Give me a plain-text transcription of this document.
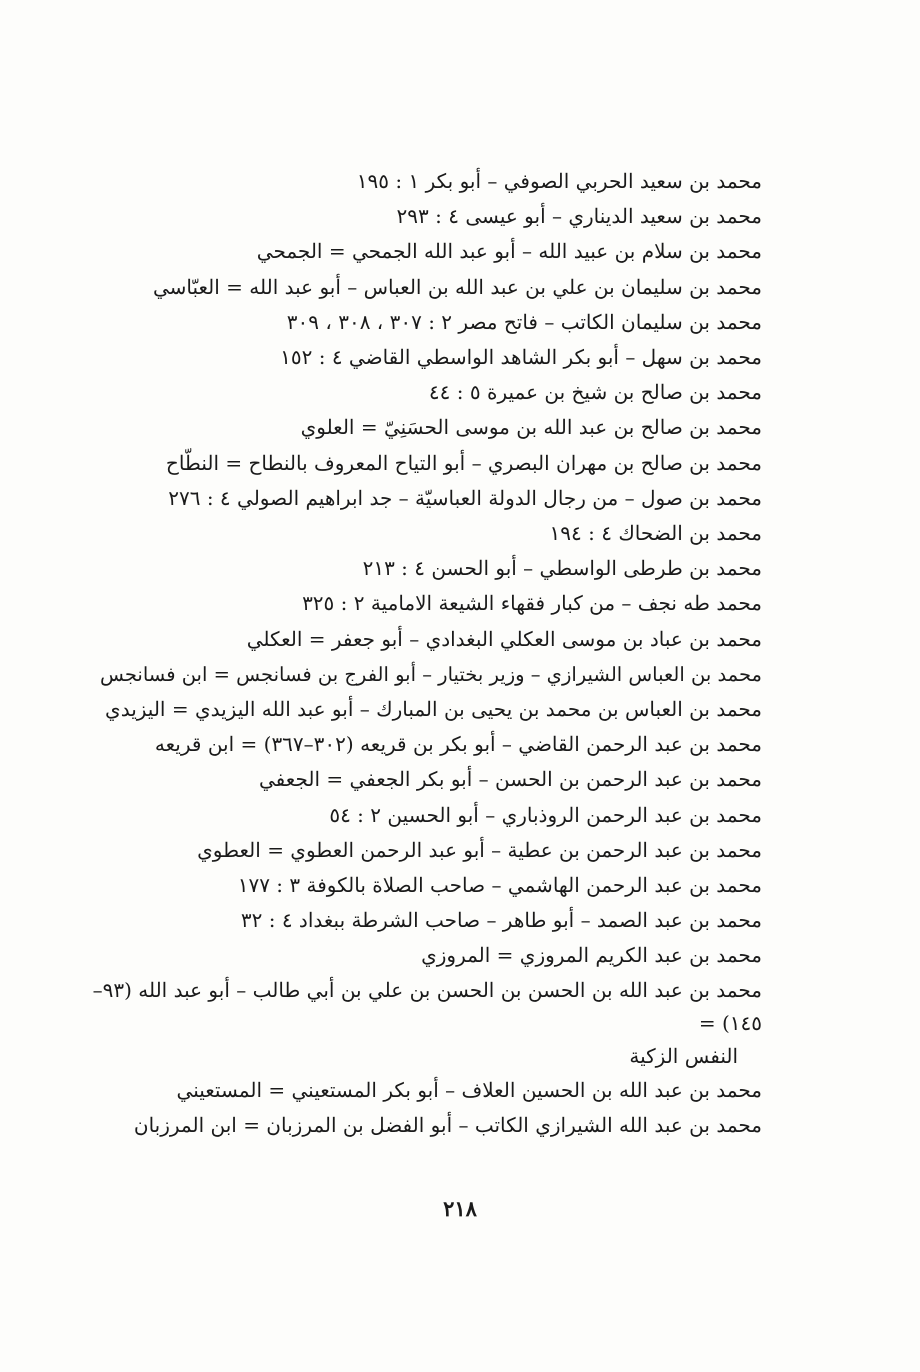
محمد بن سعيد الحربي الصوفي – أبو بكر ١ : ١٩٥
محمد بن سعيد الديناري – أبو عيسى ٤ : ٢٩٣
محمد بن سلام بن عبيد الله – أبو عبد الله الجمحي = الجمحي
محمد بن سليمان بن علي بن عبد الله بن العباس – أبو عبد الله = العبّاسي
محمد بن سليمان الكاتب – فاتح مصر ٢ : ٣٠٧ ، ٣٠٨ ، ٣٠٩
محمد بن سهل – أبو بكر الشاهد الواسطي القاضي ٤ : ١٥٢
محمد بن صالح بن شيخ بن عميرة ٥ : ٤٤
محمد بن صالح بن عبد الله بن موسى الحسَنِيّ = العلوي
محمد بن صالح بن مهران البصري – أبو التياح المعروف بالنطاح = النطّاح
محمد بن صول – من رجال الدولة العباسيّة – جد ابراهيم الصولي ٤ : ٢٧٦
محمد بن الضحاك ٤ : ١٩٤
محمد بن طرطى الواسطي – أبو الحسن ٤ : ٢١٣
محمد طه نجف – من كبار فقهاء الشيعة الامامية ٢ : ٣٢٥
محمد بن عباد بن موسى العكلي البغدادي – أبو جعفر = العكلي
محمد بن العباس الشيرازي – وزير بختيار – أبو الفرج بن فسانجس = ابن فسانجس
محمد بن العباس بن محمد بن يحيى بن المبارك – أبو عبد الله اليزيدي = اليزيدي
محمد بن عبد الرحمن القاضي – أبو بكر بن قريعه (٣٠٢–٣٦٧) = ابن قريعه
محمد بن عبد الرحمن بن الحسن – أبو بكر الجعفي = الجعفي
محمد بن عبد الرحمن الروذباري – أبو الحسين ٢ : ٥٤
محمد بن عبد الرحمن بن عطية – أبو عبد الرحمن العطوي = العطوي
محمد بن عبد الرحمن الهاشمي – صاحب الصلاة بالكوفة ٣ : ١٧٧
محمد بن عبد الصمد – أبو طاهر – صاحب الشرطة ببغداد ٤ : ٣٢
محمد بن عبد الكريم المروزي = المروزي
محمد بن عبد الله بن الحسن بن الحسن بن علي بن أبي طالب – أبو عبد الله (٩٣–١٤٥) =
النفس الزكية
محمد بن عبد الله بن الحسين العلاف – أبو بكر المستعيني = المستعيني
محمد بن عبد الله الشيرازي الكاتب – أبو الفضل بن المرزبان = ابن المرزبان
٢١٨
